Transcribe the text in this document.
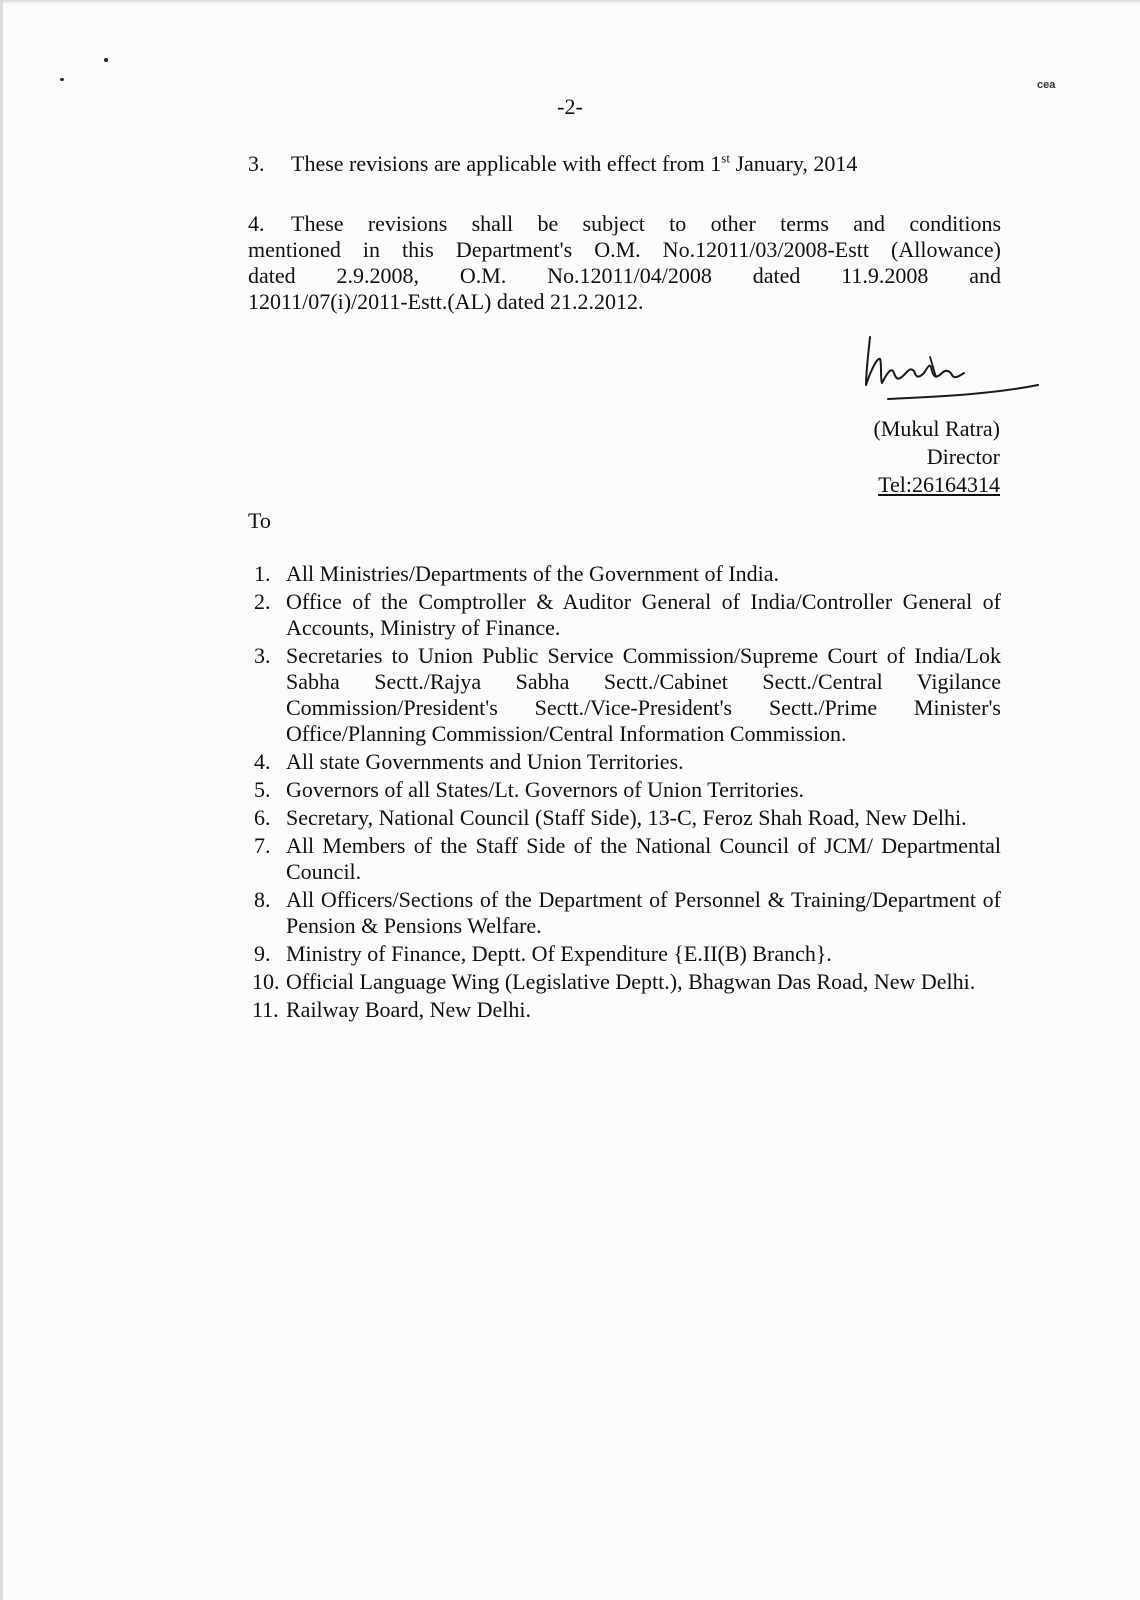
cea
-2-
3. These revisions are applicable with effect from 1st January, 2014
4. These revisions shall be subject to other terms and conditions
mentioned in this Department's O.M. No.12011/03/2008-Estt (Allowance)
dated 2.9.2008, O.M. No.12011/04/2008 dated 11.9.2008 and
12011/07(i)/2011-Estt.(AL) dated 21.2.2012.
(Mukul Ratra)
Director
Tel:26164314
To
1. All Ministries/Departments of the Government of India.
2. Office of the Comptroller & Auditor General of India/Controller General of Accounts, Ministry of Finance.
3. Secretaries to Union Public Service Commission/Supreme Court of India/Lok Sabha Sectt./Rajya Sabha Sectt./Cabinet Sectt./Central Vigilance Commission/President's Sectt./Vice-President's Sectt./Prime Minister's Office/Planning Commission/Central Information Commission.
4. All state Governments and Union Territories.
5. Governors of all States/Lt. Governors of Union Territories.
6. Secretary, National Council (Staff Side), 13-C, Feroz Shah Road, New Delhi.
7. All Members of the Staff Side of the National Council of JCM/ Departmental Council.
8. All Officers/Sections of the Department of Personnel & Training/Department of Pension & Pensions Welfare.
9. Ministry of Finance, Deptt. Of Expenditure {E.II(B) Branch}.
10. Official Language Wing (Legislative Deptt.), Bhagwan Das Road, New Delhi.
11. Railway Board, New Delhi.
